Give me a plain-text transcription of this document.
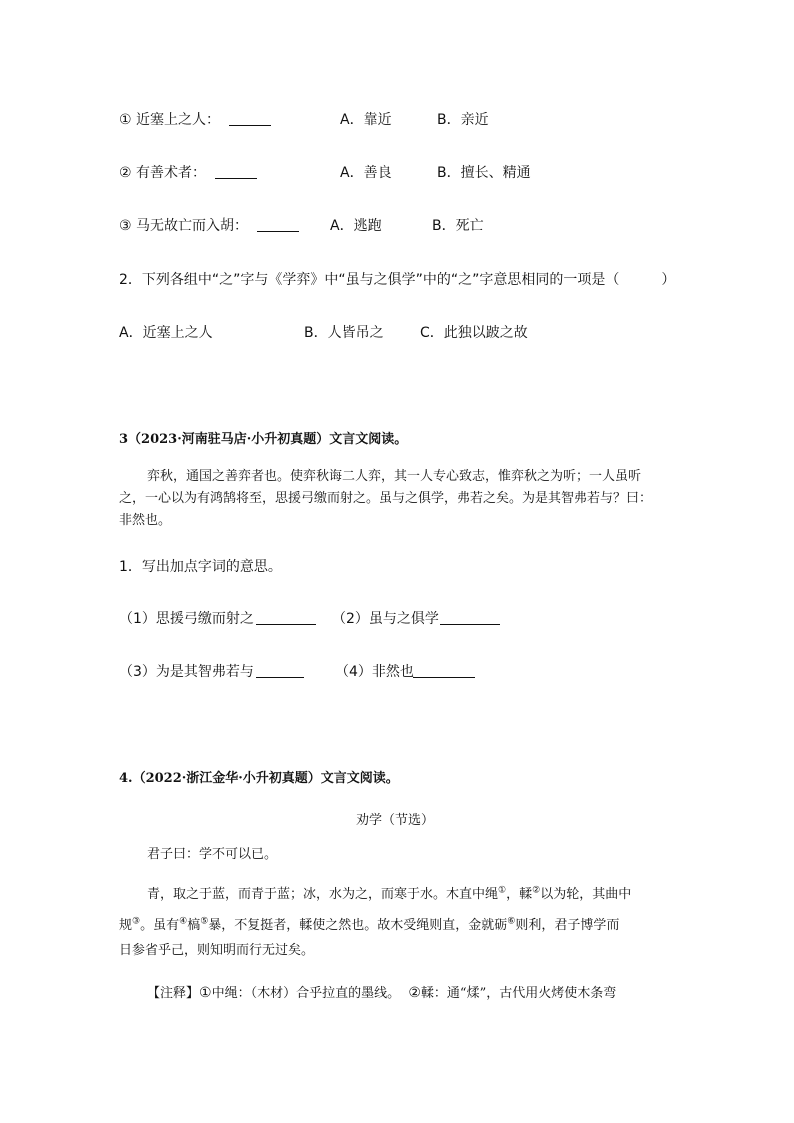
① 近塞上之人：	A．靠近	B．亲近
② 有善术者：	A．善良	B．擅长、精通
③ 马无故亡而入胡：	A．逃跑	B．死亡
2．下列各组中“之”字与《学弈》中“虽与之俱学”中的“之”字意思相同的一项是（　　　）
A．近塞上之人	B．人皆吊之	C．此独以跛之故
3（2023·河南驻马店·小升初真题）文言文阅读。
弈秋，通国之善弈者也。使弈秋诲二人弈，其一人专心致志，惟弈秋之为听；一人虽听
之，一心以为有鸿鹄将至，思援弓缴而射之。虽与之俱学，弗若之矣。为是其智弗若与？曰：
非然也。
1．写出加点字词的意思。
（1）思援弓缴而射之	（2）虽与之俱学
（3）为是其智弗若与	（4）非然也
4.（2022·浙江金华·小升初真题）文言文阅读。
劝学（节选）
君子曰：学不可以已。
青，取之于蓝，而青于蓝；冰，水为之，而寒于水。木直中绳①，輮②以为轮，其曲中
规③。虽有④槁⑤暴，不复挺者，輮使之然也。故木受绳则直，金就砺⑥则利，君子博学而
日参省乎己，则知明而行无过矣。
【注释】①中绳：（木材）合乎拉直的墨线。 ②輮：通“煣”，古代用火烤使木条弯
